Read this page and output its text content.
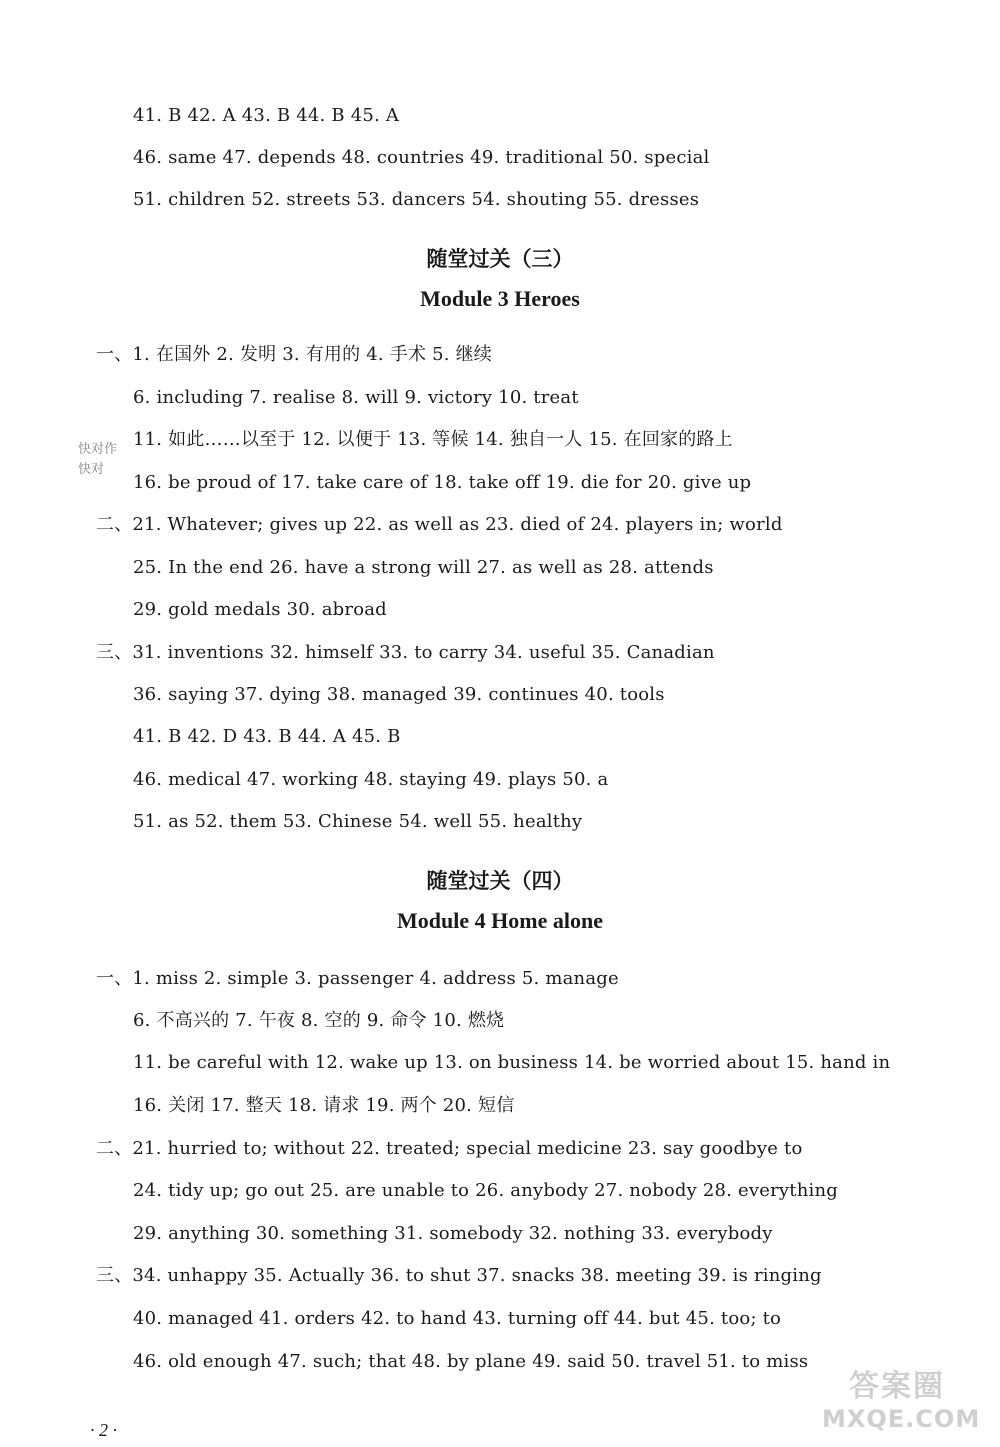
41. B 42. A 43. B 44. B 45. A
46. same 47. depends 48. countries 49. traditional 50. special
51. children 52. streets 53. dancers 54. shouting 55. dresses
随堂过关（三）
Module 3 Heroes
一、1. 在国外 2. 发明 3. 有用的 4. 手术 5. 继续
6. including 7. realise 8. will 9. victory 10. treat
11. 如此……以至于 12. 以便于 13. 等候 14. 独自一人 15. 在回家的路上
16. be proud of 17. take care of 18. take off 19. die for 20. give up
二、21. Whatever; gives up 22. as well as 23. died of 24. players in; world
25. In the end 26. have a strong will 27. as well as 28. attends
29. gold medals 30. abroad
三、31. inventions 32. himself 33. to carry 34. useful 35. Canadian
36. saying 37. dying 38. managed 39. continues 40. tools
41. B 42. D 43. B 44. A 45. B
46. medical 47. working 48. staying 49. plays 50. a
51. as 52. them 53. Chinese 54. well 55. healthy
快对作
快对
随堂过关（四）
Module 4 Home alone
一、1. miss 2. simple 3. passenger 4. address 5. manage
6. 不高兴的 7. 午夜 8. 空的 9. 命令 10. 燃烧
11. be careful with 12. wake up 13. on business 14. be worried about 15. hand in
16. 关闭 17. 整天 18. 请求 19. 两个 20. 短信
二、21. hurried to; without 22. treated; special medicine 23. say goodbye to
24. tidy up; go out 25. are unable to 26. anybody 27. nobody 28. everything
29. anything 30. something 31. somebody 32. nothing 33. everybody
三、34. unhappy 35. Actually 36. to shut 37. snacks 38. meeting 39. is ringing
40. managed 41. orders 42. to hand 43. turning off 44. but 45. too; to
46. old enough 47. such; that 48. by plane 49. said 50. travel 51. to miss
· 2 ·
答案圈
MXQE.COM
